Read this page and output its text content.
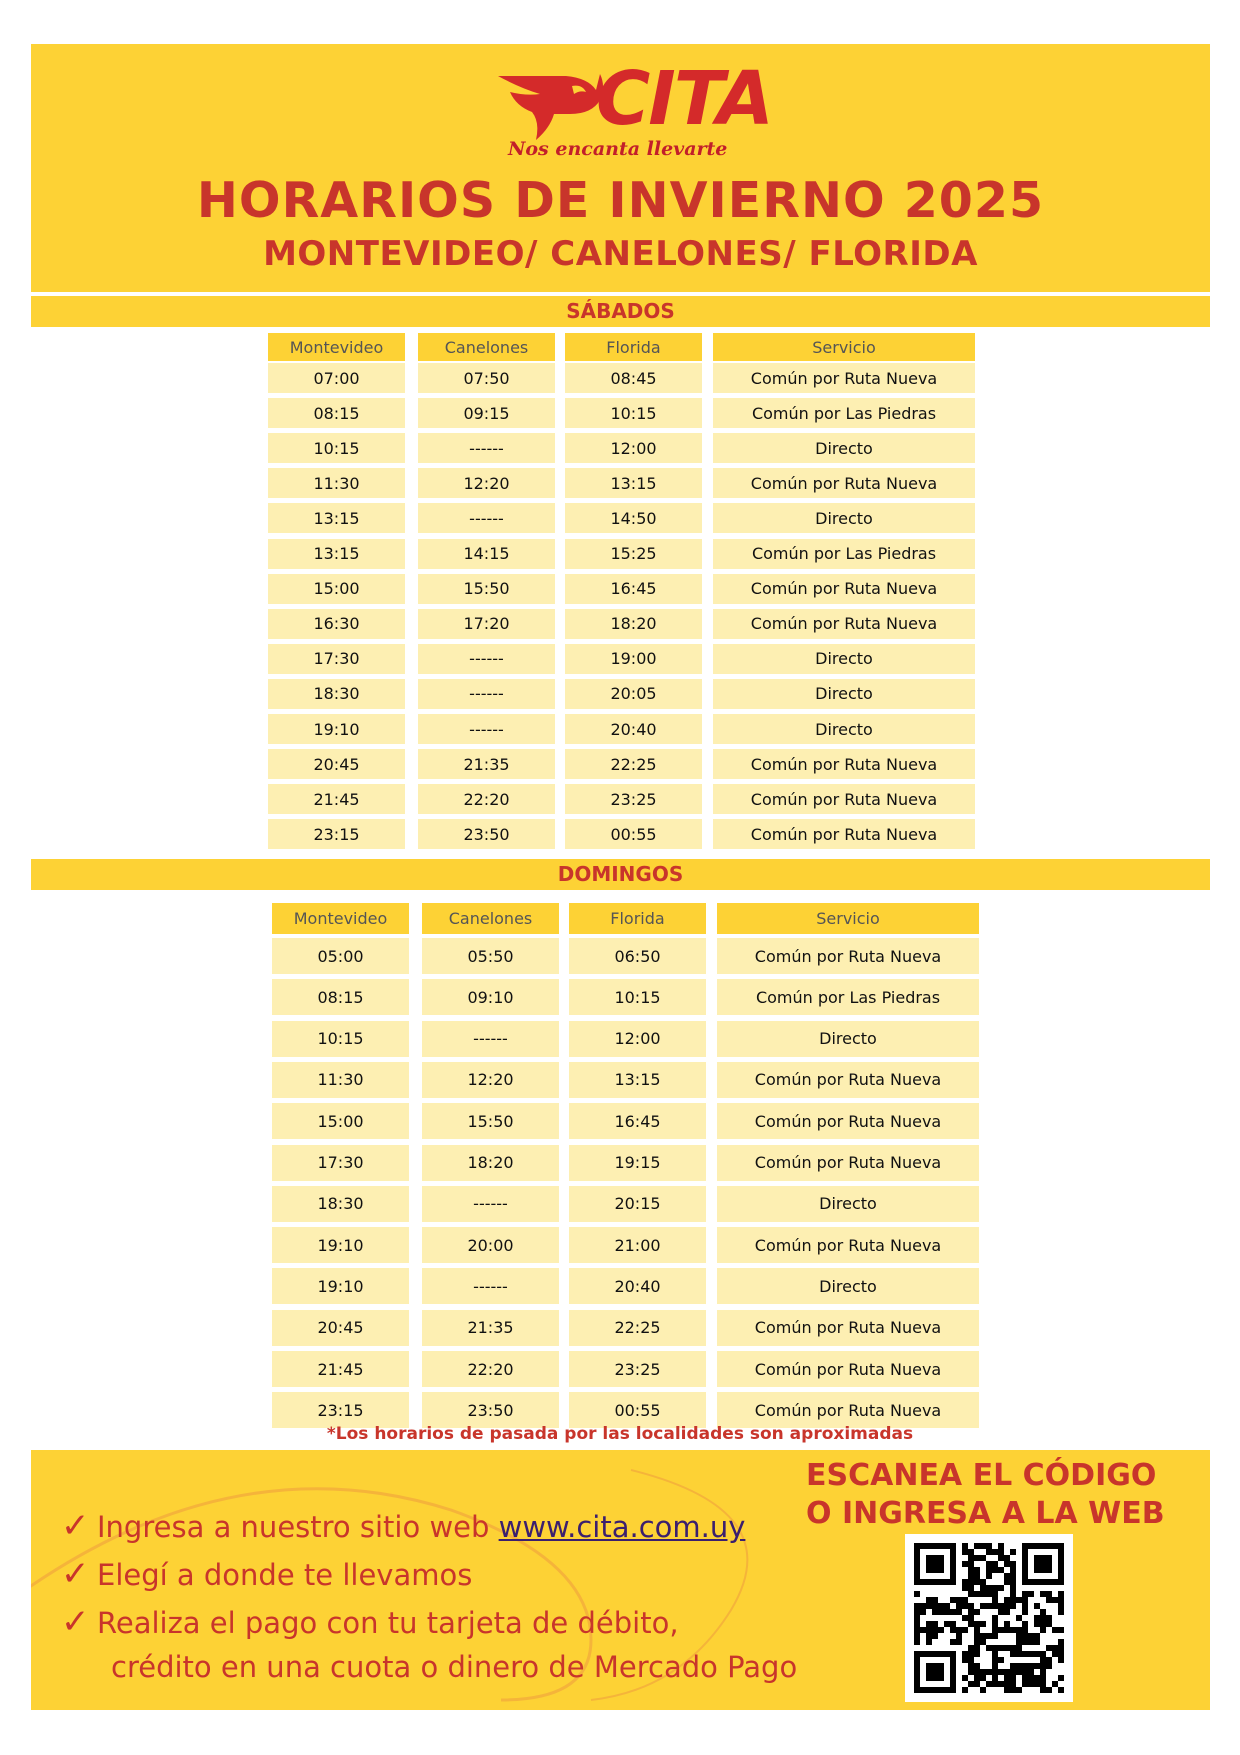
CITA
Nos encanta llevarte
HORARIOS DE INVIERNO 2025
MONTEVIDEO/ CANELONES/ FLORIDA
SÁBADOS
Montevideo	Canelones	Florida	Servicio
07:00	07:50	08:45	Común por Ruta Nueva
08:15	09:15	10:15	Común por Las Piedras
10:15	------	12:00	Directo
11:30	12:20	13:15	Común por Ruta Nueva
13:15	------	14:50	Directo
13:15	14:15	15:25	Común por Las Piedras
15:00	15:50	16:45	Común por Ruta Nueva
16:30	17:20	18:20	Común por Ruta Nueva
17:30	------	19:00	Directo
18:30	------	20:05	Directo
19:10	------	20:40	Directo
20:45	21:35	22:25	Común por Ruta Nueva
21:45	22:20	23:25	Común por Ruta Nueva
23:15	23:50	00:55	Común por Ruta Nueva
DOMINGOS
Montevideo	Canelones	Florida	Servicio
05:00	05:50	06:50	Común por Ruta Nueva
08:15	09:10	10:15	Común por Las Piedras
10:15	------	12:00	Directo
11:30	12:20	13:15	Común por Ruta Nueva
15:00	15:50	16:45	Común por Ruta Nueva
17:30	18:20	19:15	Común por Ruta Nueva
18:30	------	20:15	Directo
19:10	20:00	21:00	Común por Ruta Nueva
19:10	------	20:40	Directo
20:45	21:35	22:25	Común por Ruta Nueva
21:45	22:20	23:25	Común por Ruta Nueva
23:15	23:50	00:55	Común por Ruta Nueva
*Los horarios de pasada por las localidades son aproximadas
✓ Ingresa a nuestro sitio web www.cita.com.uy
✓ Elegí a donde te llevamos
✓ Realiza el pago con tu tarjeta de débito,
crédito en una cuota o dinero de Mercado Pago
ESCANEA EL CÓDIGO
O INGRESA A LA WEB
